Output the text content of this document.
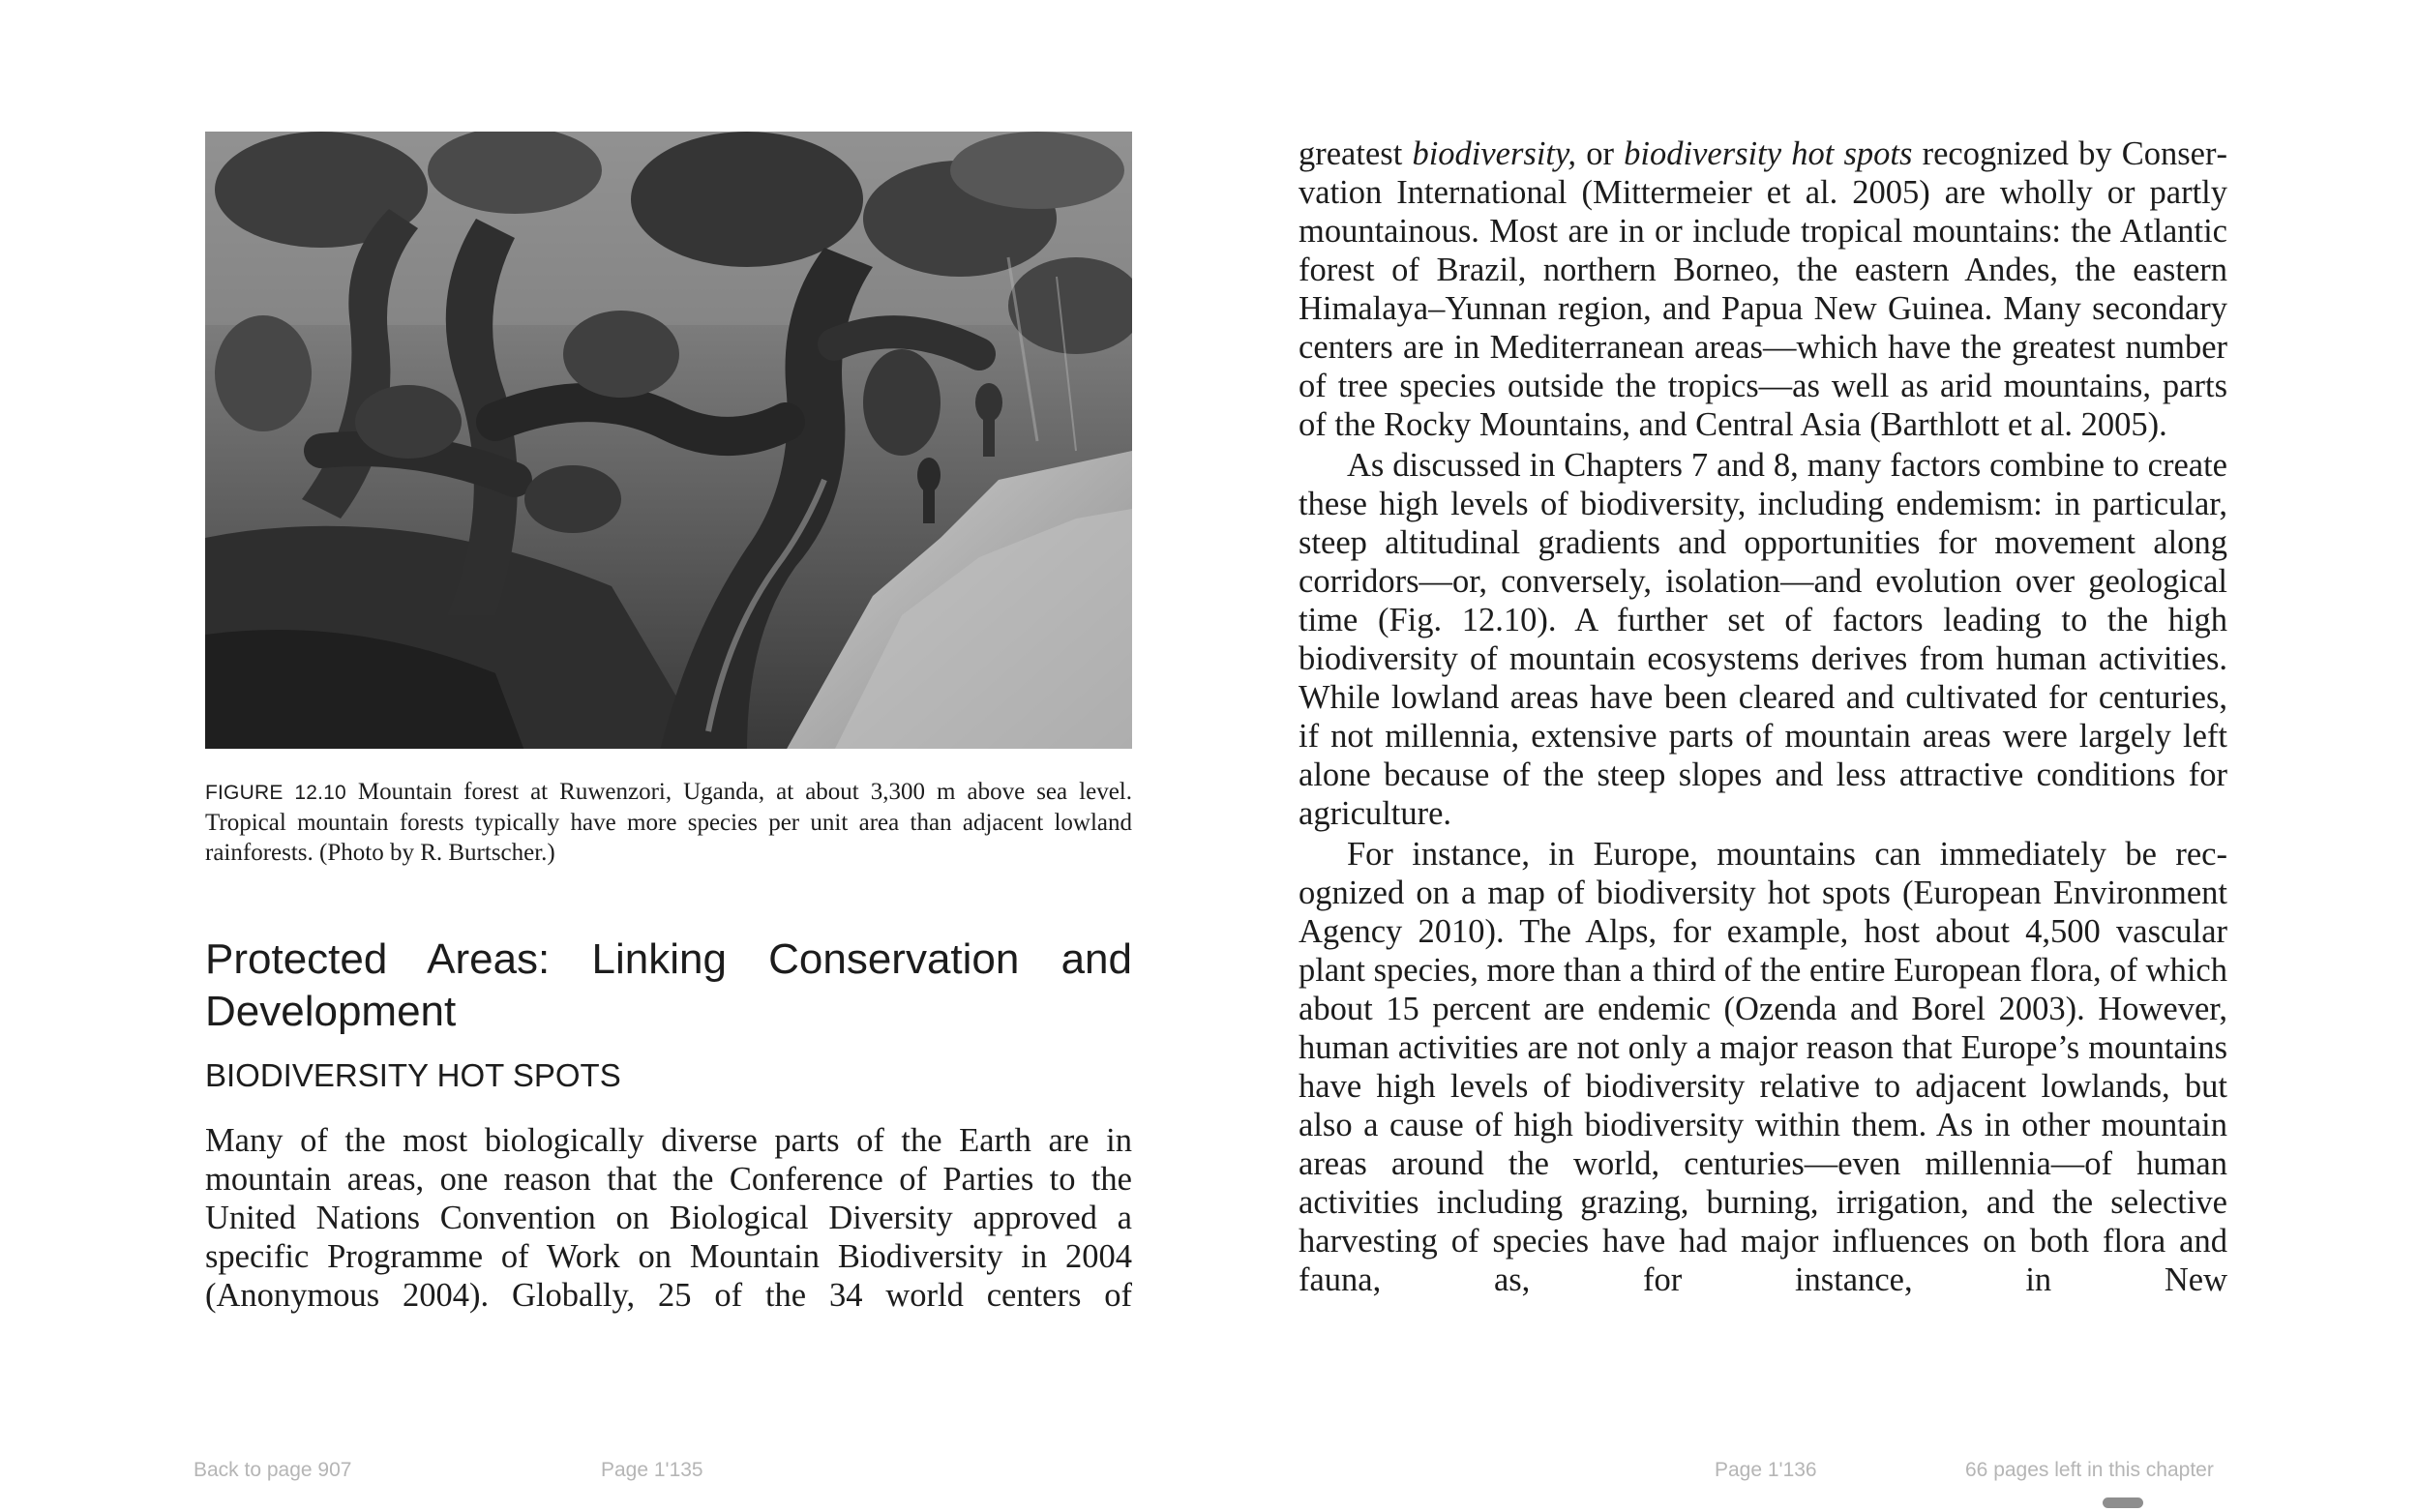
FIGURE 12.10 Mountain forest at Ruwenzori, Uganda, at about 3,300 m above sea level. Tropical mountain forests typically have more species per unit area than adjacent lowland rainforests. (Photo by R. Burtscher.)
Protected Areas: Linking Conservation and Development
BIODIVERSITY HOT SPOTS

Many of the most biologically diverse parts of the Earth are in mountain areas, one reason that the Conference of Parties to the United Nations Convention on Biological Diversity approved a specific Programme of Work on Mountain Biodiversity in 2004 (Anonymous 2004). Globally, 25 of the 34 world centers of

greatest biodiversity, or biodiversity hot spots recognized by Conservation International (Mittermeier et al. 2005) are wholly or partly mountainous. Most are in or include tropical mountains: the Atlantic forest of Brazil, northern Borneo, the eastern Andes, the eastern Himalaya–Yunnan region, and Papua New Guinea. Many secondary centers are in Mediterranean areas—which have the greatest number of tree species outside the tropics—as well as arid mountains, parts of the Rocky Mountains, and Central Asia (Barthlott et al. 2005).

As discussed in Chapters 7 and 8, many factors combine to create these high levels of biodiversity, including endemism: in particular, steep altitudinal gradients and opportunities for movement along corridors—or, conversely, isolation—and evolution over geological time (Fig. 12.10). A further set of factors leading to the high biodiversity of mountain ecosystems derives from human activities. While lowland areas have been cleared and cultivated for centuries, if not millennia, extensive parts of mountain areas were largely left alone because of the steep slopes and less attractive conditions for agriculture.

For instance, in Europe, mountains can immediately be recognized on a map of biodiversity hot spots (European Environment Agency 2010). The Alps, for example, host about 4,500 vascular plant species, more than a third of the entire European flora, of which about 15 percent are endemic (Ozenda and Borel 2003). However, human activities are not only a major reason that Europe’s mountains have high levels of biodiversity relative to adjacent lowlands, but also a cause of high biodiversity within them. As in other mountain areas around the world, centuries—even millennia—of human activities including grazing, burning, irrigation, and the selective harvesting of species have had major influences on both flora and fauna, as, for instance, in New

Back to page 907	Page 1'135	Page 1'136	66 pages left in this chapter
